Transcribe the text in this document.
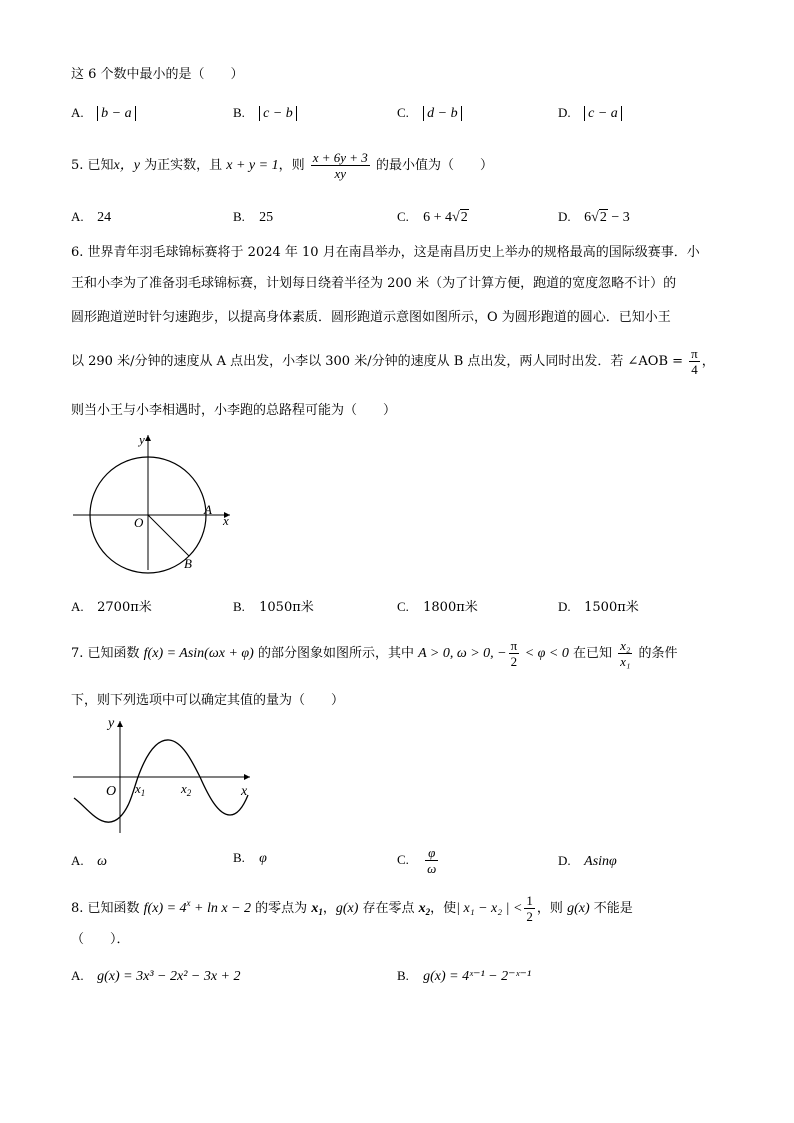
这 6 个数中最小的是（　　）
A. b − a	B. c − b	C. d − b	D. c − a
5. 已知x，y 为正实数，且 x + y = 1，则 $\frac{x + 6y + 3}{xy}$ 的最小值为（　　）
A. 24	B. 25	C. 6 + 4√2	D. 6√2 − 3
6. 世界青年羽毛球锦标赛将于 2024 年 10 月在南昌举办，这是南昌历史上举办的规格最高的国际级赛事．小
王和小李为了准备羽毛球锦标赛，计划每日绕着半径为 200 米（为了计算方便，跑道的宽度忽略不计）的
圆形跑道逆时针匀速跑步，以提高身体素质．圆形跑道示意图如图所示，O 为圆形跑道的圆心．已知小王
以 290 米/分钟的速度从 A 点出发，小李以 300 米/分钟的速度从 B 点出发，两人同时出发．若 ∠AOB = $\frac{\pi}{4}$ ，
则当小王与小李相遇时，小李跑的总路程可能为（　　）
y
x
O
A
B
A. 2700π米	B. 1050π米	C. 1800π米	D. 1500π米
7. 已知函数 f(x) = Asin(ωx + φ) 的部分图象如图所示，其中 A > 0, ω > 0, − $\frac{\pi}{2} < \varphi < 0$ 在已知 $\frac{\text{x₂}}{\text{x₁}}$ 的条件
下，则下列选项中可以确定其值的量为（　　）
y
x
O $x_1$	$x_2$
A. ω	B. φ	C. $\frac{\varphi}{\omega}$	D. Asinφ
8. 已知函数 $f(x) = 4^x + \ln x - 2$ 的零点为 $x_1$，g(x) 存在零点 $x_2$，使| x₁ − x₂ | < $\frac{1}{2}$ ，则 g(x) 不能是
（　　）．
A. g(x) = 3x³ − 2x² − 3x + 2	B. g(x) = 4ˣ⁻¹ − 2⁻ˣ⁻¹
